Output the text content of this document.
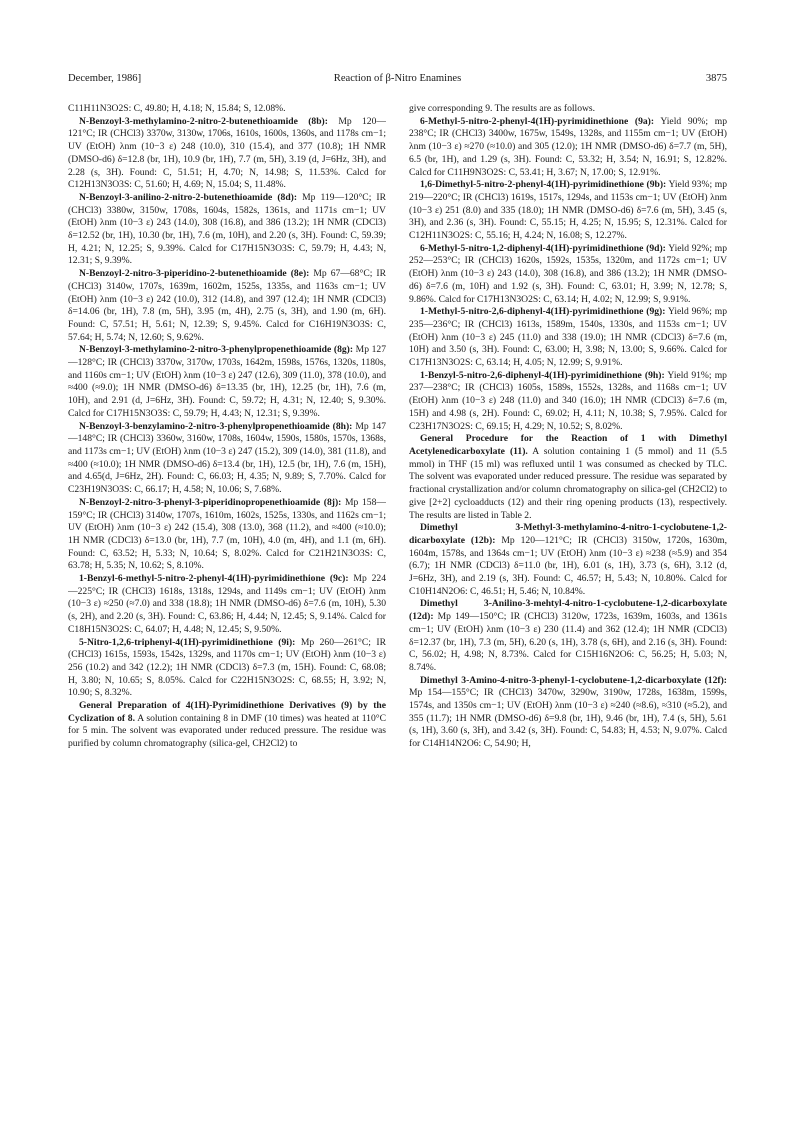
December, 1986]	Reaction of β-Nitro Enamines	3875

C11H11N3O2S: C, 49.80; H, 4.18; N, 15.84; S, 12.08%.

N-Benzoyl-3-methylamino-2-nitro-2-butenethioamide (8b): Mp 120—121°C; IR (CHCl3) 3370w, 3130w, 1706s, 1610s, 1600s, 1360s, and 1178s cm−1; UV (EtOH) λnm (10−3 ε) 248 (10.0), 310 (15.4), and 377 (10.8); 1H NMR (DMSO-d6) δ=12.8 (br, 1H), 10.9 (br, 1H), 7.7 (m, 5H), 3.19 (d, J=6Hz, 3H), and 2.28 (s, 3H). Found: C, 51.51; H, 4.70; N, 14.98; S, 11.53%. Calcd for C12H13N3O3S: C, 51.60; H, 4.69; N, 15.04; S, 11.48%.

N-Benzoyl-3-anilino-2-nitro-2-butenethioamide (8d): Mp 119—120°C; IR (CHCl3) 3380w, 3150w, 1708s, 1604s, 1582s, 1361s, and 1171s cm−1; UV (EtOH) λnm (10−3 ε) 243 (14.0), 308 (16.8), and 386 (13.2); 1H NMR (CDCl3) δ=12.52 (br, 1H), 10.30 (br, 1H), 7.6 (m, 10H), and 2.20 (s, 3H). Found: C, 59.39; H, 4.21; N, 12.25; S, 9.39%. Calcd for C17H15N3O3S: C, 59.79; H, 4.43; N, 12.31; S, 9.39%.

N-Benzoyl-2-nitro-3-piperidino-2-butenethioamide (8e): Mp 67—68°C; IR (CHCl3) 3140w, 1707s, 1639m, 1602m, 1525s, 1335s, and 1163s cm−1; UV (EtOH) λnm (10−3 ε) 242 (10.0), 312 (14.8), and 397 (12.4); 1H NMR (CDCl3) δ=14.06 (br, 1H), 7.8 (m, 5H), 3.95 (m, 4H), 2.75 (s, 3H), and 1.90 (m, 6H). Found: C, 57.51; H, 5.61; N, 12.39; S, 9.45%. Calcd for C16H19N3O3S: C, 57.64; H, 5.74; N, 12.60; S, 9.62%.

N-Benzoyl-3-methylamino-2-nitro-3-phenylpropenethioamide (8g): Mp 127—128°C; IR (CHCl3) 3370w, 3170w, 1703s, 1642m, 1598s, 1576s, 1320s, 1180s, and 1160s cm−1; UV (EtOH) λnm (10−3 ε) 247 (12.6), 309 (11.0), 378 (10.0), and ≈400 (≈9.0); 1H NMR (DMSO-d6) δ=13.35 (br, 1H), 12.25 (br, 1H), 7.6 (m, 10H), and 2.91 (d, J=6Hz, 3H). Found: C, 59.72; H, 4.31; N, 12.40; S, 9.30%. Calcd for C17H15N3O3S: C, 59.79; H, 4.43; N, 12.31; S, 9.39%.

N-Benzoyl-3-benzylamino-2-nitro-3-phenylpropenethioamide (8h): Mp 147—148°C; IR (CHCl3) 3360w, 3160w, 1708s, 1604w, 1590s, 1580s, 1570s, 1368s, and 1173s cm−1; UV (EtOH) λnm (10−3 ε) 247 (15.2), 309 (14.0), 381 (11.8), and ≈400 (≈10.0); 1H NMR (DMSO-d6) δ=13.4 (br, 1H), 12.5 (br, 1H), 7.6 (m, 15H), and 4.65(d, J=6Hz, 2H). Found: C, 66.03; H, 4.35; N, 9.89; S, 7.70%. Calcd for C23H19N3O3S: C, 66.17; H, 4.58; N, 10.06; S, 7.68%.

N-Benzoyl-2-nitro-3-phenyl-3-piperidinopropenethioamide (8j): Mp 158—159°C; IR (CHCl3) 3140w, 1707s, 1610m, 1602s, 1525s, 1330s, and 1162s cm−1; UV (EtOH) λnm (10−3 ε) 242 (15.4), 308 (13.0), 368 (11.2), and ≈400 (≈10.0); 1H NMR (CDCl3) δ=13.0 (br, 1H), 7.7 (m, 10H), 4.0 (m, 4H), and 1.1 (m, 6H). Found: C, 63.52; H, 5.33; N, 10.64; S, 8.02%. Calcd for C21H21N3O3S: C, 63.78; H, 5.35; N, 10.62; S, 8.10%.

1-Benzyl-6-methyl-5-nitro-2-phenyl-4(1H)-pyrimidinethione (9c): Mp 224—225°C; IR (CHCl3) 1618s, 1318s, 1294s, and 1149s cm−1; UV (EtOH) λnm (10−3 ε) ≈250 (≈7.0) and 338 (18.8); 1H NMR (DMSO-d6) δ=7.6 (m, 10H), 5.30 (s, 2H), and 2.20 (s, 3H). Found: C, 63.86; H, 4.44; N, 12.45; S, 9.14%. Calcd for C18H15N3O2S: C, 64.07; H, 4.48; N, 12.45; S, 9.50%.

5-Nitro-1,2,6-triphenyl-4(1H)-pyrimidinethione (9i): Mp 260—261°C; IR (CHCl3) 1615s, 1593s, 1542s, 1329s, and 1170s cm−1; UV (EtOH) λnm (10−3 ε) 256 (10.2) and 342 (12.2); 1H NMR (CDCl3) δ=7.3 (m, 15H). Found: C, 68.08; H, 3.80; N, 10.65; S, 8.05%. Calcd for C22H15N3O2S: C, 68.55; H, 3.92; N, 10.90; S, 8.32%.

General Preparation of 4(1H)-Pyrimidinethione Derivatives (9) by the Cyclization of 8. A solution containing 8 in DMF (10 times) was heated at 110°C for 5 min. The solvent was evaporated under reduced pressure. The residue was purified by column chromatography (silica-gel, CH2Cl2) to

give corresponding 9. The results are as follows.

6-Methyl-5-nitro-2-phenyl-4(1H)-pyrimidinethione (9a): Yield 90%; mp 238°C; IR (CHCl3) 3400w, 1675w, 1549s, 1328s, and 1155m cm−1; UV (EtOH) λnm (10−3 ε) ≈270 (≈10.0) and 305 (12.0); 1H NMR (DMSO-d6) δ=7.7 (m, 5H), 6.5 (br, 1H), and 1.29 (s, 3H). Found: C, 53.32; H, 3.54; N, 16.91; S, 12.82%. Calcd for C11H9N3O2S: C, 53.41; H, 3.67; N, 17.00; S, 12.91%.

1,6-Dimethyl-5-nitro-2-phenyl-4(1H)-pyrimidinethione (9b): Yield 93%; mp 219—220°C; IR (CHCl3) 1619s, 1517s, 1294s, and 1153s cm−1; UV (EtOH) λnm (10−3 ε) 251 (8.0) and 335 (18.0); 1H NMR (DMSO-d6) δ=7.6 (m, 5H), 3.45 (s, 3H), and 2.36 (s, 3H). Found: C, 55.15; H, 4.25; N, 15.95; S, 12.31%. Calcd for C12H11N3O2S: C, 55.16; H, 4.24; N, 16.08; S, 12.27%.

6-Methyl-5-nitro-1,2-diphenyl-4(1H)-pyrimidinethione (9d): Yield 92%; mp 252—253°C; IR (CHCl3) 1620s, 1592s, 1535s, 1320m, and 1172s cm−1; UV (EtOH) λnm (10−3 ε) 243 (14.0), 308 (16.8), and 386 (13.2); 1H NMR (DMSO-d6) δ=7.6 (m, 10H) and 1.92 (s, 3H). Found: C, 63.01; H, 3.99; N, 12.78; S, 9.86%. Calcd for C17H13N3O2S: C, 63.14; H, 4.02; N, 12.99; S, 9.91%.

1-Methyl-5-nitro-2,6-diphenyl-4(1H)-pyrimidinethione (9g): Yield 96%; mp 235—236°C; IR (CHCl3) 1613s, 1589m, 1540s, 1330s, and 1153s cm−1; UV (EtOH) λnm (10−3 ε) 245 (11.0) and 338 (19.0); 1H NMR (CDCl3) δ=7.6 (m, 10H) and 3.50 (s, 3H). Found: C, 63.00; H, 3.98; N, 13.00; S, 9.66%. Calcd for C17H13N3O2S: C, 63.14; H, 4.05; N, 12.99; S, 9.91%.

1-Benzyl-5-nitro-2,6-diphenyl-4(1H)-pyrimidinethione (9h): Yield 91%; mp 237—238°C; IR (CHCl3) 1605s, 1589s, 1552s, 1328s, and 1168s cm−1; UV (EtOH) λnm (10−3 ε) 248 (11.0) and 340 (16.0); 1H NMR (CDCl3) δ=7.6 (m, 15H) and 4.98 (s, 2H). Found: C, 69.02; H, 4.11; N, 10.38; S, 7.95%. Calcd for C23H17N3O2S: C, 69.15; H, 4.29; N, 10.52; S, 8.02%.

General Procedure for the Reaction of 1 with Dimethyl Acetylenedicarboxylate (11). A solution containing 1 (5 mmol) and 11 (5.5 mmol) in THF (15 ml) was refluxed until 1 was consumed as checked by TLC. The solvent was evaporated under reduced pressure. The residue was separated by fractional crystallization and/or column chromatography on silica-gel (CH2Cl2) to give [2+2] cycloadducts (12) and their ring opening products (13), respectively. The results are listed in Table 2.

Dimethyl 3-Methyl-3-methylamino-4-nitro-1-cyclobutene-1,2-dicarboxylate (12b): Mp 120—121°C; IR (CHCl3) 3150w, 1720s, 1630m, 1604m, 1578s, and 1364s cm−1; UV (EtOH) λnm (10−3 ε) ≈238 (≈5.9) and 354 (6.7); 1H NMR (CDCl3) δ=11.0 (br, 1H), 6.01 (s, 1H), 3.73 (s, 6H), 3.12 (d, J=6Hz, 3H), and 2.19 (s, 3H). Found: C, 46.57; H, 5.43; N, 10.80%. Calcd for C10H14N2O6: C, 46.51; H, 5.46; N, 10.84%.

Dimethyl 3-Anilino-3-mehtyl-4-nitro-1-cyclobutene-1,2-dicarboxylate (12d): Mp 149—150°C; IR (CHCl3) 3120w, 1723s, 1639m, 1603s, and 1361s cm−1; UV (EtOH) λnm (10−3 ε) 230 (11.4) and 362 (12.4); 1H NMR (CDCl3) δ=12.37 (br, 1H), 7.3 (m, 5H), 6.20 (s, 1H), 3.78 (s, 6H), and 2.16 (s, 3H). Found: C, 56.02; H, 4.98; N, 8.73%. Calcd for C15H16N2O6: C, 56.25; H, 5.03; N, 8.74%.

Dimethyl 3-Amino-4-nitro-3-phenyl-1-cyclobutene-1,2-dicarboxylate (12f): Mp 154—155°C; IR (CHCl3) 3470w, 3290w, 3190w, 1728s, 1638m, 1599s, 1574s, and 1350s cm−1; UV (EtOH) λnm (10−3 ε) ≈240 (≈8.6), ≈310 (≈5.2), and 355 (11.7); 1H NMR (DMSO-d6) δ=9.8 (br, 1H), 9.46 (br, 1H), 7.4 (s, 5H), 5.61 (s, 1H), 3.60 (s, 3H), and 3.42 (s, 3H). Found: C, 54.83; H, 4.53; N, 9.07%. Calcd for C14H14N2O6: C, 54.90; H,
